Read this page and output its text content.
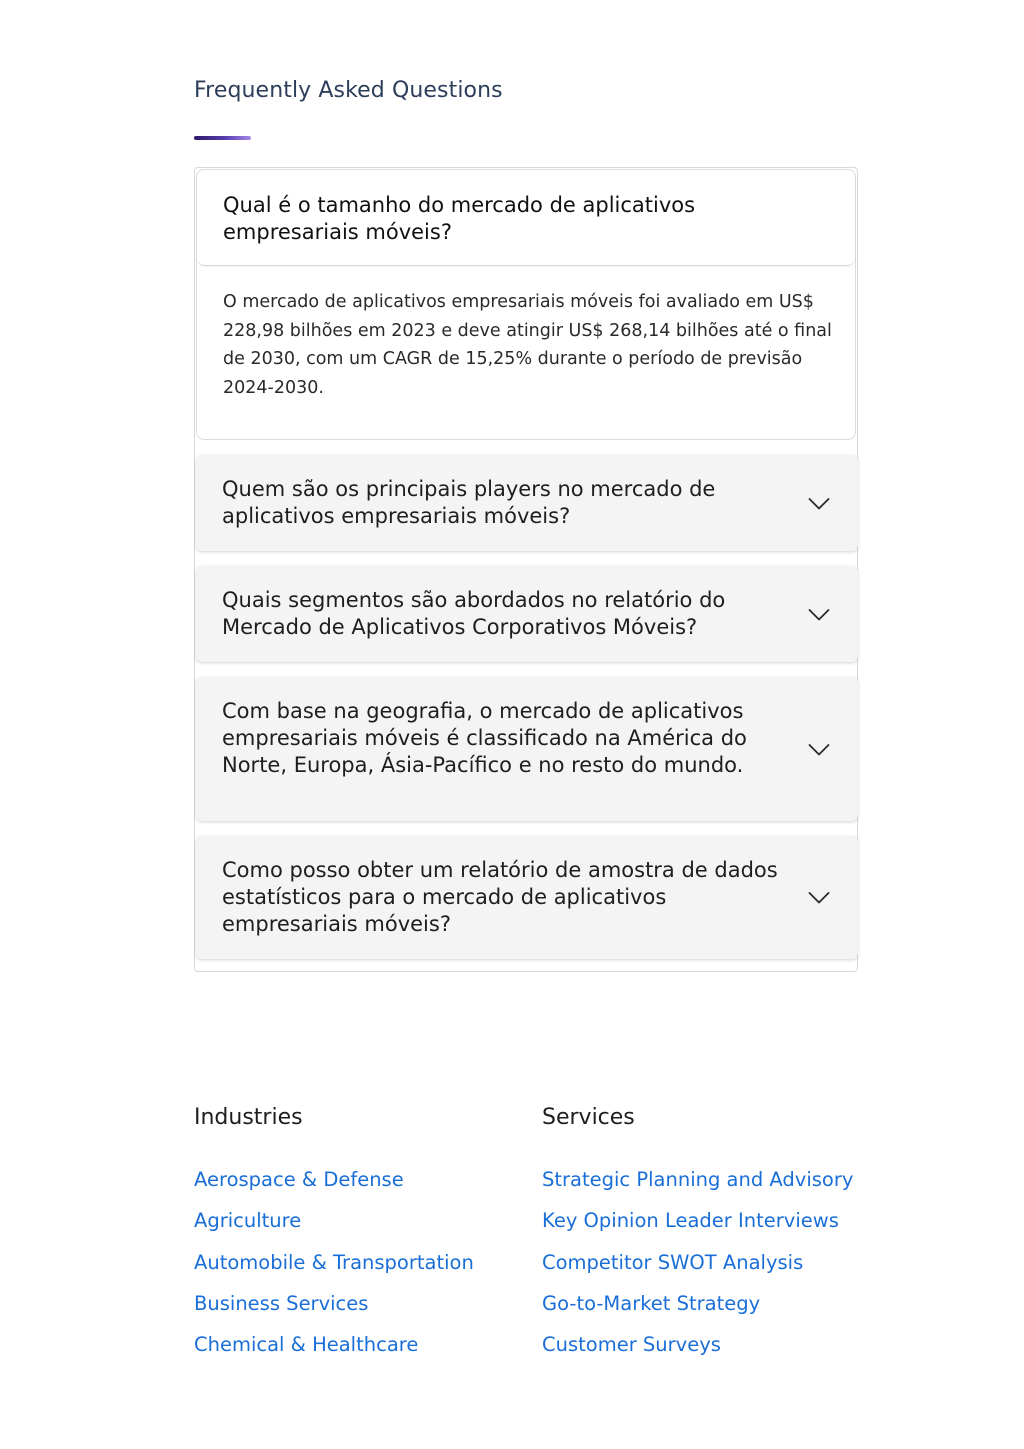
Frequently Asked Questions
Qual é o tamanho do mercado de aplicativos empresariais móveis?
O mercado de aplicativos empresariais móveis foi avaliado em US$ 228,98 bilhões em 2023 e deve atingir US$ 268,14 bilhões até o final de 2030, com um CAGR de 15,25% durante o período de previsão 2024-2030.
Quem são os principais players no mercado de aplicativos empresariais móveis?
Quais segmentos são abordados no relatório do Mercado de Aplicativos Corporativos Móveis?
Com base na geografia, o mercado de aplicativos empresariais móveis é classificado na América do Norte, Europa, Ásia-Pacífico e no resto do mundo.
Como posso obter um relatório de amostra de dados estatísticos para o mercado de aplicativos empresariais móveis?
Industries
Aerospace & Defense
Agriculture
Automobile & Transportation
Business Services
Chemical & Healthcare
Services
Strategic Planning and Advisory
Key Opinion Leader Interviews
Competitor SWOT Analysis
Go-to-Market Strategy
Customer Surveys
